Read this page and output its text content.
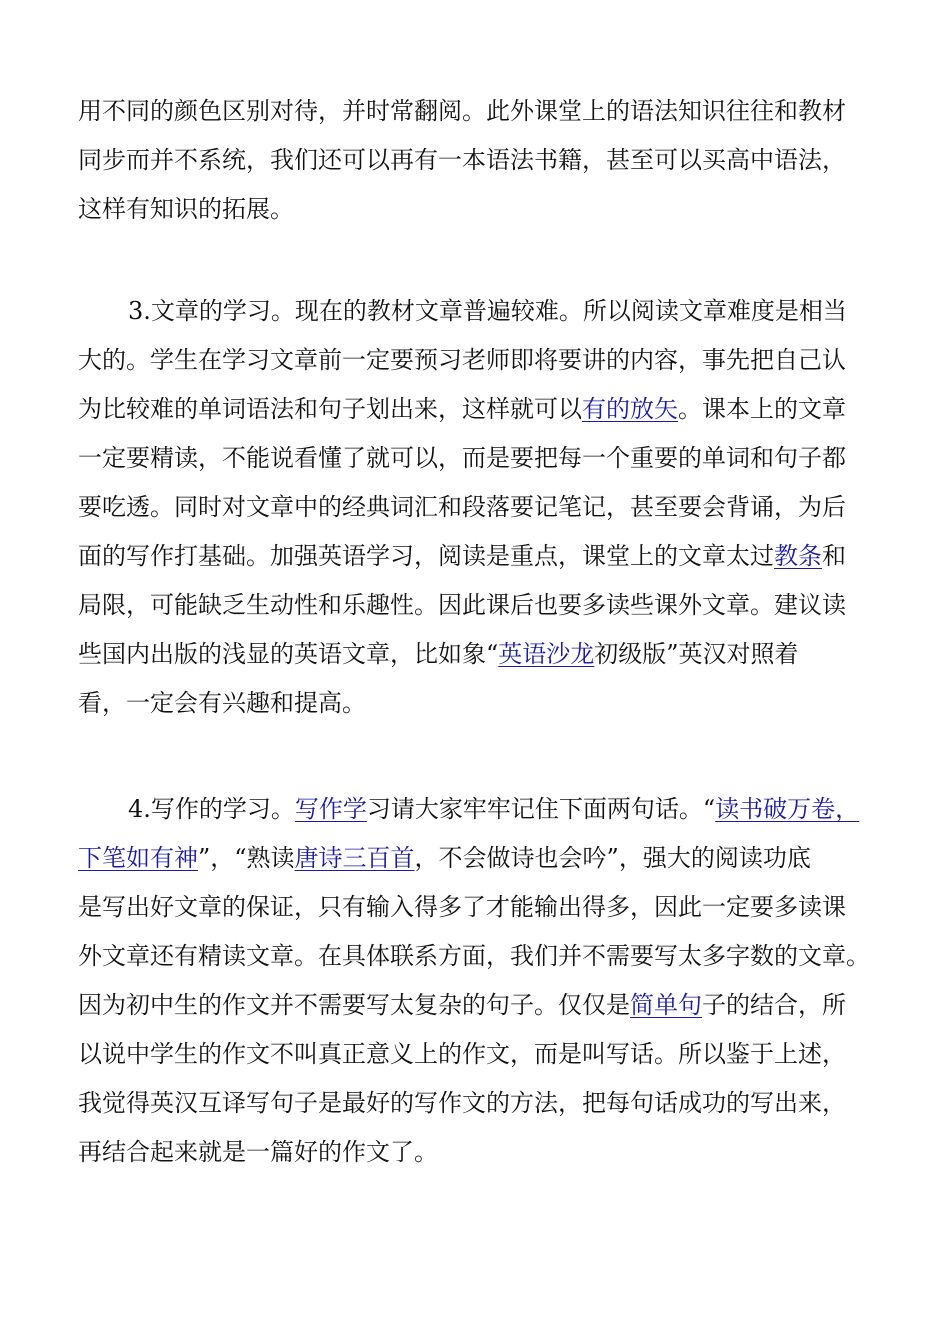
用不同的颜色区别对待，并时常翻阅。此外课堂上的语法知识往往和教材
同步而并不系统，我们还可以再有一本语法书籍，甚至可以买高中语法，
这样有知识的拓展。
3.文章的学习。现在的教材文章普遍较难。所以阅读文章难度是相当
大的。学生在学习文章前一定要预习老师即将要讲的内容，事先把自己认
为比较难的单词语法和句子划出来，这样就可以有的放矢。课本上的文章
一定要精读，不能说看懂了就可以，而是要把每一个重要的单词和句子都
要吃透。同时对文章中的经典词汇和段落要记笔记，甚至要会背诵，为后
面的写作打基础。加强英语学习，阅读是重点，课堂上的文章太过教条和
局限，可能缺乏生动性和乐趣性。因此课后也要多读些课外文章。建议读
些国内出版的浅显的英语文章，比如象“英语沙龙初级版”英汉对照着
看，一定会有兴趣和提高。
4.写作的学习。写作学习请大家牢牢记住下面两句话。“读书破万卷，
下笔如有神”，“熟读唐诗三百首，不会做诗也会吟”，强大的阅读功底
是写出好文章的保证，只有输入得多了才能输出得多，因此一定要多读课
外文章还有精读文章。在具体联系方面，我们并不需要写太多字数的文章。
因为初中生的作文并不需要写太复杂的句子。仅仅是简单句子的结合，所
以说中学生的作文不叫真正意义上的作文，而是叫写话。所以鉴于上述，
我觉得英汉互译写句子是最好的写作文的方法，把每句话成功的写出来，
再结合起来就是一篇好的作文了。
